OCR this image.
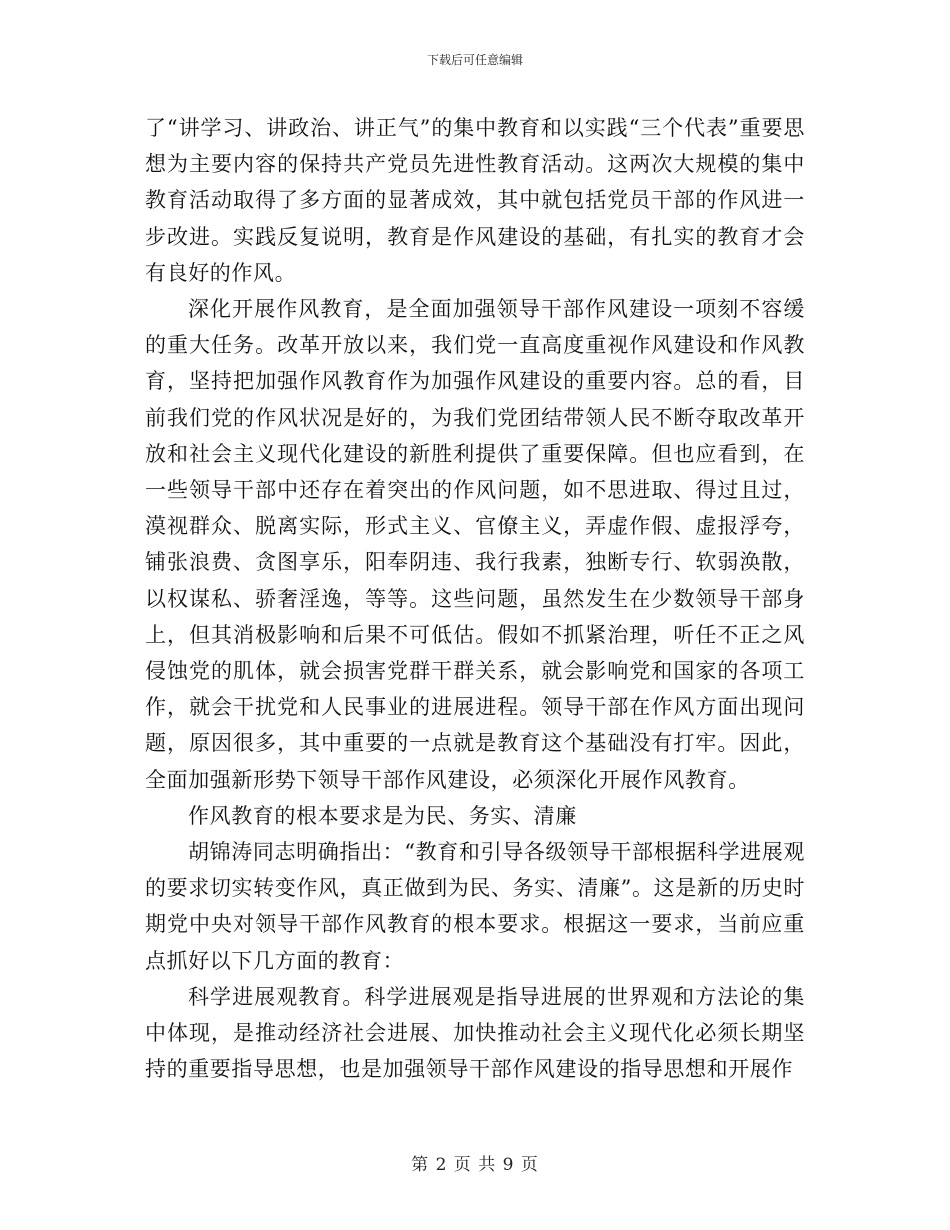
下载后可任意编辑

了“讲学习、讲政治、讲正气”的集中教育和以实践“三个代表”重要思想为主要内容的保持共产党员先进性教育活动。这两次大规模的集中教育活动取得了多方面的显著成效，其中就包括党员干部的作风进一步改进。实践反复说明，教育是作风建设的基础，有扎实的教育才会有良好的作风。

深化开展作风教育，是全面加强领导干部作风建设一项刻不容缓的重大任务。改革开放以来，我们党一直高度重视作风建设和作风教育，坚持把加强作风教育作为加强作风建设的重要内容。总的看，目前我们党的作风状况是好的，为我们党团结带领人民不断夺取改革开放和社会主义现代化建设的新胜利提供了重要保障。但也应看到，在一些领导干部中还存在着突出的作风问题，如不思进取、得过且过，漠视群众、脱离实际，形式主义、官僚主义，弄虚作假、虚报浮夸，铺张浪费、贪图享乐，阳奉阴违、我行我素，独断专行、软弱涣散，以权谋私、骄奢淫逸，等等。这些问题，虽然发生在少数领导干部身上，但其消极影响和后果不可低估。假如不抓紧治理，听任不正之风侵蚀党的肌体，就会损害党群干群关系，就会影响党和国家的各项工作，就会干扰党和人民事业的进展进程。领导干部在作风方面出现问题，原因很多，其中重要的一点就是教育这个基础没有打牢。因此，全面加强新形势下领导干部作风建设，必须深化开展作风教育。

作风教育的根本要求是为民、务实、清廉

胡锦涛同志明确指出：“教育和引导各级领导干部根据科学进展观的要求切实转变作风，真正做到为民、务实、清廉”。这是新的历史时期党中央对领导干部作风教育的根本要求。根据这一要求，当前应重点抓好以下几方面的教育：

科学进展观教育。科学进展观是指导进展的世界观和方法论的集中体现，是推动经济社会进展、加快推动社会主义现代化必须长期坚持的重要指导思想，也是加强领导干部作风建设的指导思想和开展作

第 2 页 共 9 页
